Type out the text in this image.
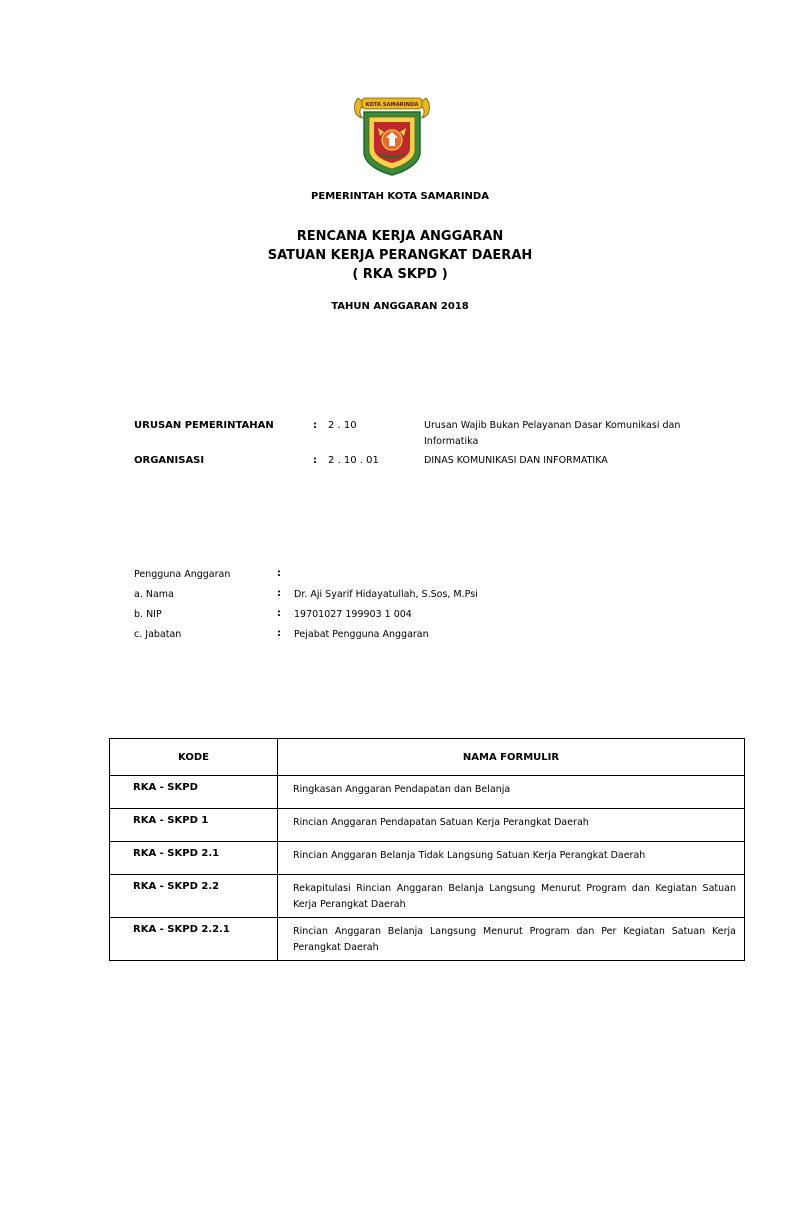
KOTA SAMARINDA
PEMERINTAH KOTA SAMARINDA
RENCANA KERJA ANGGARAN
SATUAN KERJA PERANGKAT DAERAH
( RKA SKPD )
TAHUN ANGGARAN 2018
URUSAN PEMERINTAHAN	: 2 . 10	Urusan Wajib Bukan Pelayanan Dasar Komunikasi dan
Informatika
ORGANISASI	: 2 . 10 . 01	DINAS KOMUNIKASI DAN INFORMATIKA
Pengguna Anggaran	:
a. Nama	: Dr. Aji Syarif Hidayatullah, S.Sos, M.Psi
b. NIP	: 19701027 199903 1 004
c. Jabatan	: Pejabat Pengguna Anggaran
KODE	NAMA FORMULIR
RKA - SKPD	Ringkasan Anggaran Pendapatan dan Belanja
RKA - SKPD 1	Rincian Anggaran Pendapatan Satuan Kerja Perangkat Daerah
RKA - SKPD 2.1	Rincian Anggaran Belanja Tidak Langsung Satuan Kerja Perangkat Daerah
RKA - SKPD 2.2	Rekapitulasi Rincian Anggaran Belanja Langsung Menurut Program dan Kegiatan Satuan Kerja Perangkat Daerah
RKA - SKPD 2.2.1	Rincian Anggaran Belanja Langsung Menurut Program dan Per Kegiatan Satuan Kerja Perangkat Daerah
